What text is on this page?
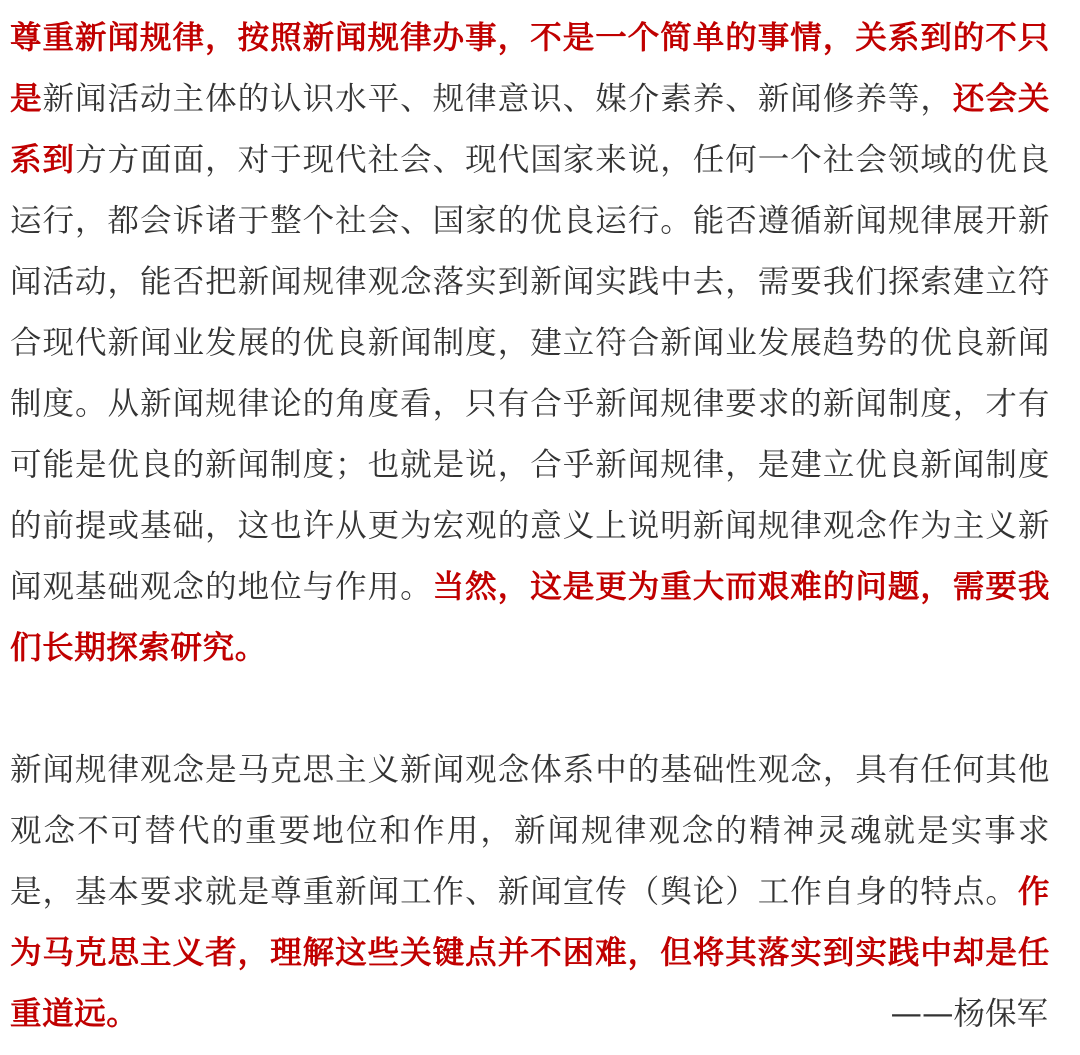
尊重新闻规律，按照新闻规律办事，不是一个简单的事情，关系到的不只是新闻活动主体的认识水平、规律意识、媒介素养、新闻修养等，还会关系到方方面面，对于现代社会、现代国家来说，任何一个社会领域的优良运行，都会诉诸于整个社会、国家的优良运行。能否遵循新闻规律展开新闻活动，能否把新闻规律观念落实到新闻实践中去，需要我们探索建立符合现代新闻业发展的优良新闻制度，建立符合新闻业发展趋势的优良新闻制度。从新闻规律论的角度看，只有合乎新闻规律要求的新闻制度，才有可能是优良的新闻制度；也就是说，合乎新闻规律，是建立优良新闻制度的前提或基础，这也许从更为宏观的意义上说明新闻规律观念作为主义新闻观基础观念的地位与作用。当然，这是更为重大而艰难的问题，需要我们长期探索研究。

新闻规律观念是马克思主义新闻观念体系中的基础性观念，具有任何其他观念不可替代的重要地位和作用，新闻规律观念的精神灵魂就是实事求是，基本要求就是尊重新闻工作、新闻宣传（舆论）工作自身的特点。作为马克思主义者，理解这些关键点并不困难，但将其落实到实践中却是任重道远。	——杨保军
